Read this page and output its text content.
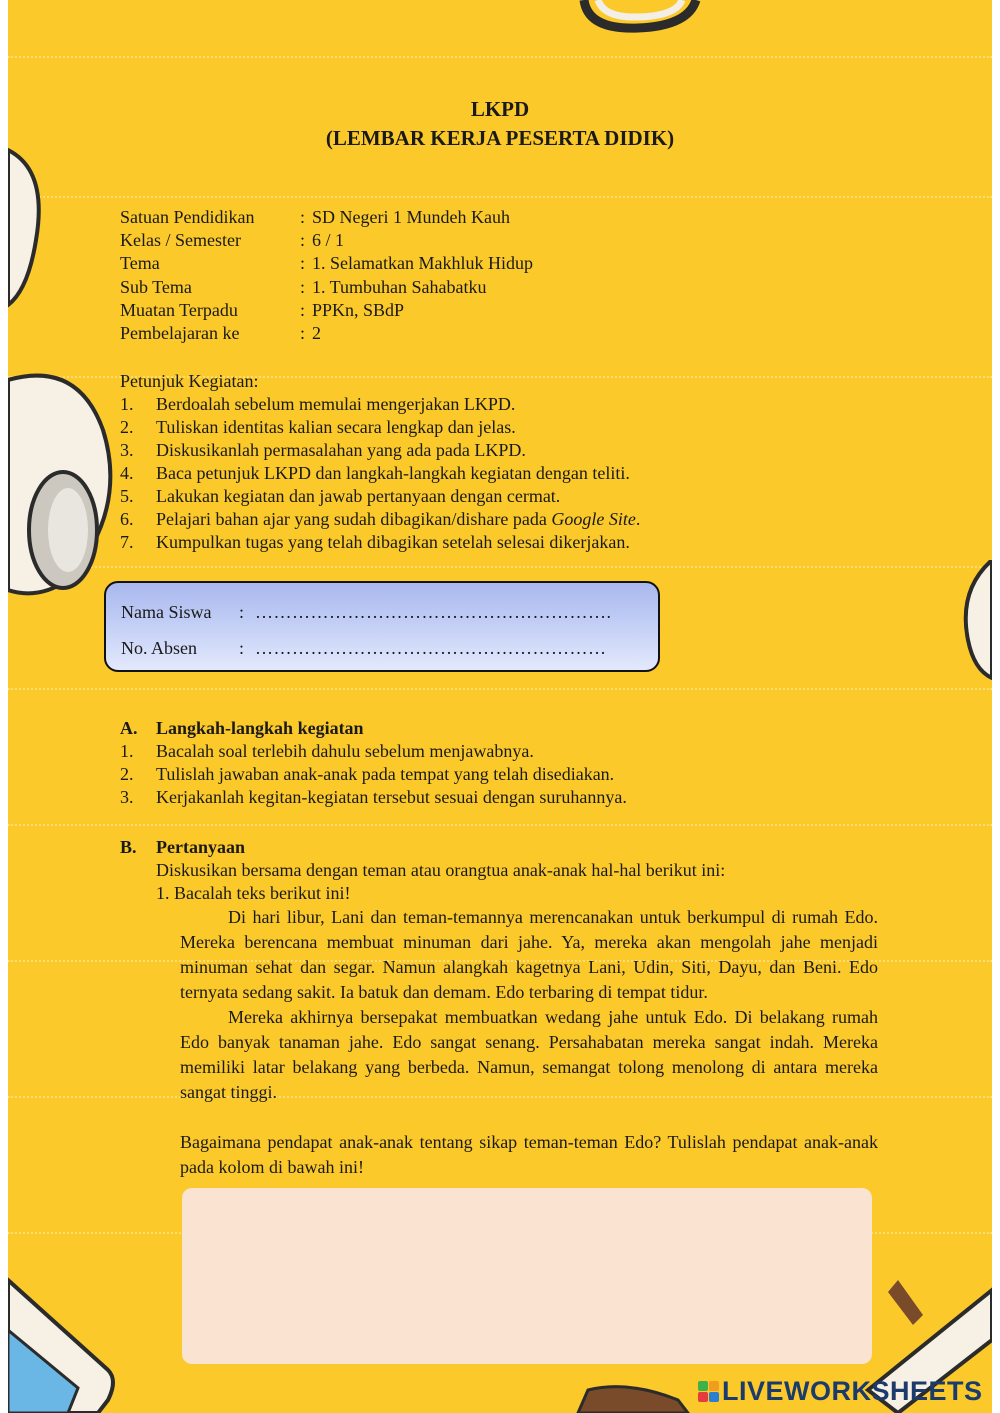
LKPD
(LEMBAR KERJA PESERTA DIDIK)
Satuan Pendidikan	: SD Negeri 1 Mundeh Kauh
Kelas / Semester	: 6 / 1
Tema	: 1. Selamatkan Makhluk Hidup
Sub Tema	: 1. Tumbuhan Sahabatku
Muatan Terpadu	: PPKn, SBdP
Pembelajaran ke	: 2
Petunjuk Kegiatan:
1.	Berdoalah sebelum memulai mengerjakan LKPD.
2.	Tuliskan identitas kalian secara lengkap dan jelas.
3.	Diskusikanlah permasalahan yang ada pada LKPD.
4.	Baca petunjuk LKPD dan langkah-langkah kegiatan dengan teliti.
5.	Lakukan kegiatan dan jawab pertanyaan dengan cermat.
6.	Pelajari bahan ajar yang sudah dibagikan/dishare pada Google Site.
7.	Kumpulkan tugas yang telah dibagikan setelah selesai dikerjakan.
Nama Siswa	: ………………………………………………….
No. Absen	: …………………………………………………
A.	Langkah-langkah kegiatan
1.	Bacalah soal terlebih dahulu sebelum menjawabnya.
2.	Tulislah jawaban anak-anak pada tempat yang telah disediakan.
3.	Kerjakanlah kegitan-kegiatan tersebut sesuai dengan suruhannya.
B.	Pertanyaan
Diskusikan bersama dengan teman atau orangtua anak-anak hal-hal berikut ini:
1. Bacalah teks berikut ini!

Di hari libur, Lani dan teman-temannya merencanakan untuk berkumpul di rumah Edo. Mereka berencana membuat minuman dari jahe. Ya, mereka akan mengolah jahe menjadi minuman sehat dan segar. Namun alangkah kagetnya Lani, Udin, Siti, Dayu, dan Beni. Edo ternyata sedang sakit. Ia batuk dan demam. Edo terbaring di tempat tidur.

Mereka akhirnya bersepakat membuatkan wedang jahe untuk Edo. Di belakang rumah Edo banyak tanaman jahe. Edo sangat senang. Persahabatan mereka sangat indah. Mereka memiliki latar belakang yang berbeda. Namun, semangat tolong menolong di antara mereka sangat tinggi.

Bagaimana pendapat anak-anak tentang sikap teman-teman Edo? Tulislah pendapat anak-anak pada kolom di bawah ini!
LIVEWORKSHEETS
